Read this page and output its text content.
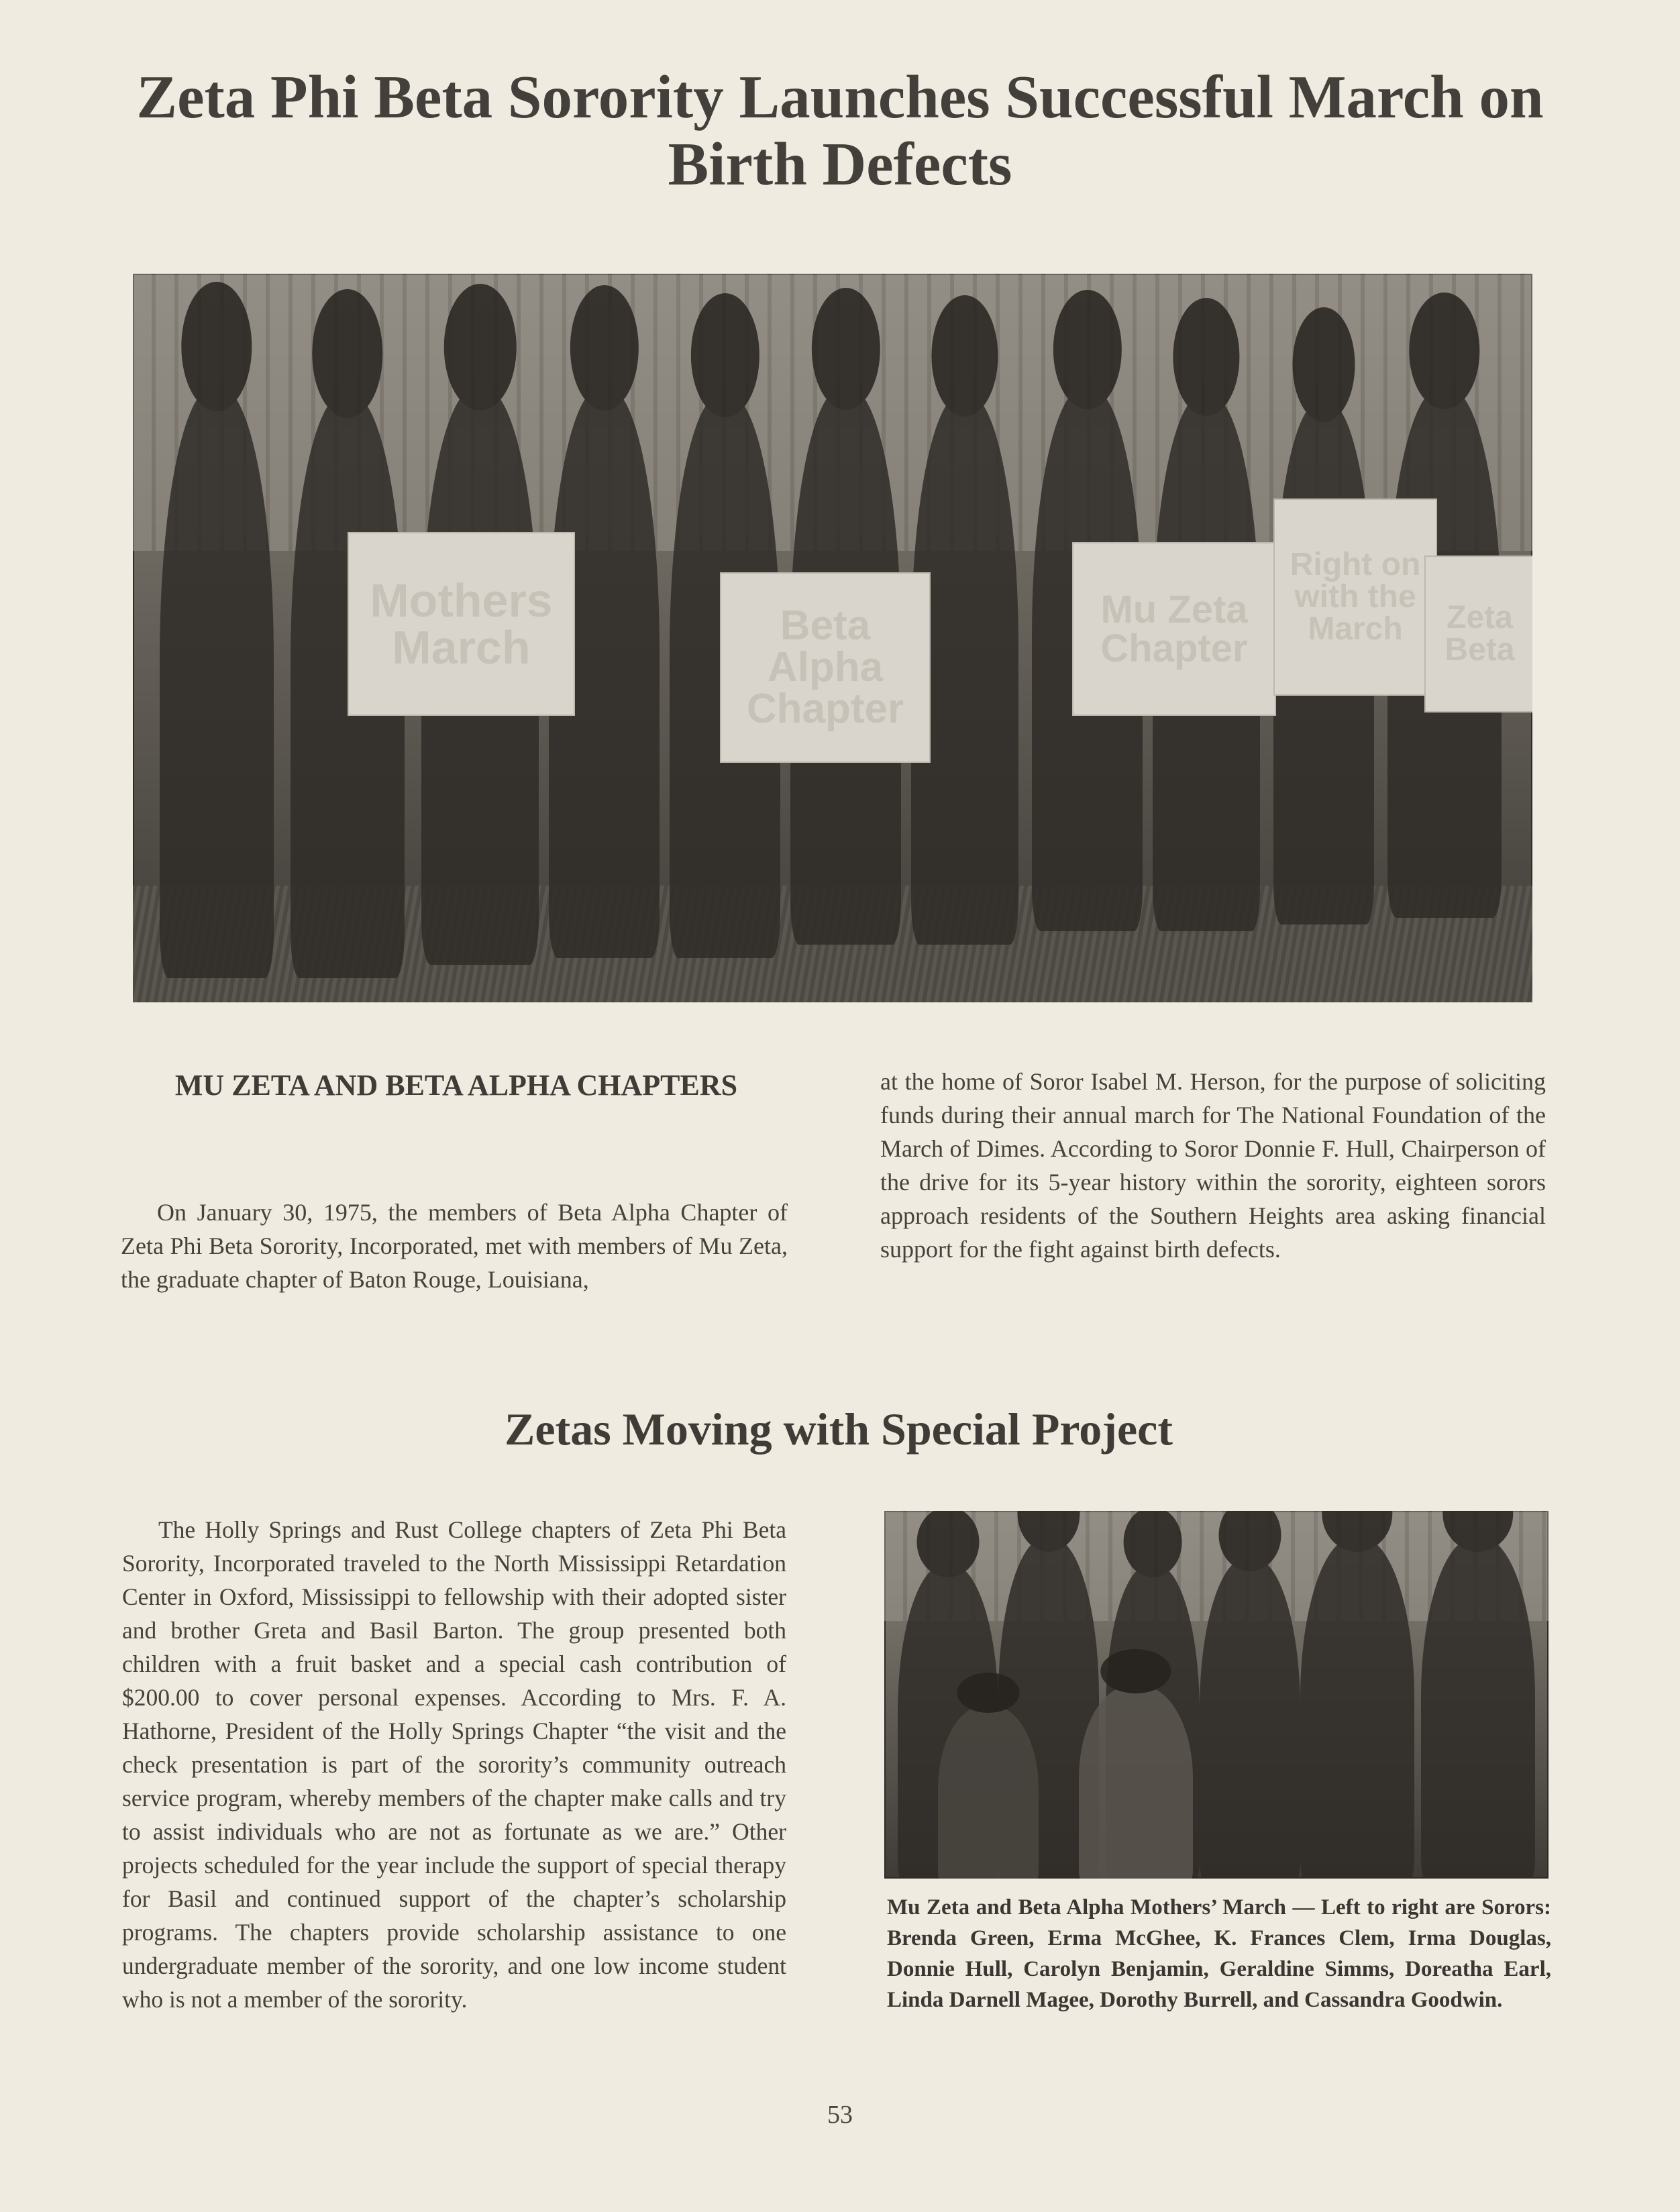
Zeta Phi Beta Sorority Launches Successful March on Birth Defects
Mothers March	Beta Alpha Chapter
Mu Zeta Chapter
Right on with the March	Zeta Beta
MU ZETA AND BETA ALPHA CHAPTERS

On January 30, 1975, the members of Beta Alpha Chapter of Zeta Phi Beta Sorority, Incorporated, met with members of Mu Zeta, the graduate chapter of Baton Rouge, Louisiana,

at the home of Soror Isabel M. Herson, for the purpose of soliciting funds during their annual march for The National Foundation of the March of Dimes. According to Soror Donnie F. Hull, Chairperson of the drive for its 5-year history within the sorority, eighteen sorors approach residents of the Southern Heights area asking financial support for the fight against birth defects.

Zetas Moving with Special Project

The Holly Springs and Rust College chapters of Zeta Phi Beta Sorority, Incorporated traveled to the North Mississippi Retardation Center in Oxford, Mississippi to fellowship with their adopted sister and brother Greta and Basil Barton. The group presented both children with a fruit basket and a special cash contribution of $200.00 to cover personal expenses. According to Mrs. F. A. Hathorne, President of the Holly Springs Chapter “the visit and the check presentation is part of the sorority’s community outreach service program, whereby members of the chapter make calls and try to assist individuals who are not as fortunate as we are.” Other projects scheduled for the year include the support of special therapy for Basil and continued support of the chapter’s scholarship programs. The chapters provide scholarship assistance to one undergraduate member of the sorority, and one low income student who is not a member of the sorority.

Mu Zeta and Beta Alpha Mothers’ March — Left to right are Sorors: Brenda Green, Erma McGhee, K. Frances Clem, Irma Douglas, Donnie Hull, Carolyn Benjamin, Geraldine Simms, Doreatha Earl, Linda Darnell Magee, Dorothy Burrell, and Cassandra Goodwin.
53
